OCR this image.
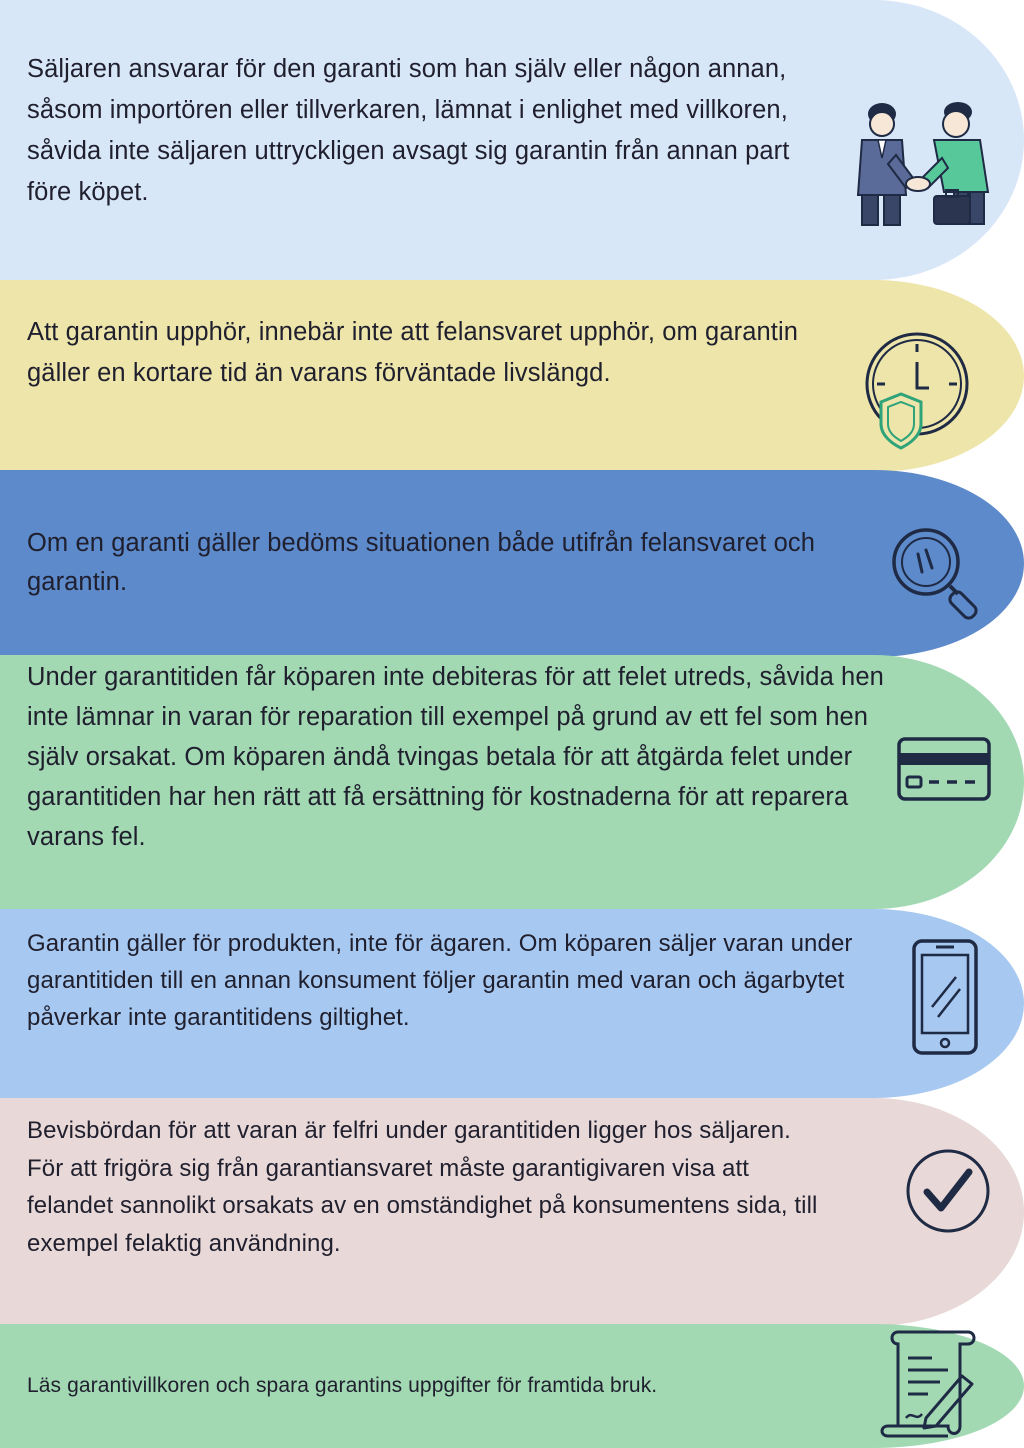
Säljaren ansvarar för den garanti som han själv eller någon annan, såsom importören eller tillverkaren, lämnat i enlighet med villkoren, såvida inte säljaren uttryckligen avsagt sig garantin från annan part före köpet.

Att garantin upphör, innebär inte att felansvaret upphör, om garantin gäller en kortare tid än varans förväntade livslängd.

Om en garanti gäller bedöms situationen både utifrån felansvaret och garantin.

Under garantitiden får köparen inte debiteras för att felet utreds, såvida hen inte lämnar in varan för reparation till exempel på grund av ett fel som hen själv orsakat. Om köparen ändå tvingas betala för att åtgärda felet under garantitiden har hen rätt att få ersättning för kostnaderna för att reparera varans fel.

Garantin gäller för produkten, inte för ägaren. Om köparen säljer varan under garantitiden till en annan konsument följer garantin med varan och ägarbytet påverkar inte garantitidens giltighet.

Bevisbördan för att varan är felfri under garantitiden ligger hos säljaren. För att frigöra sig från garantiansvaret måste garantigivaren visa att felandet sannolikt orsakats av en omständighet på konsumentens sida, till exempel felaktig användning.

Läs garantivillkoren och spara garantins uppgifter för framtida bruk.
